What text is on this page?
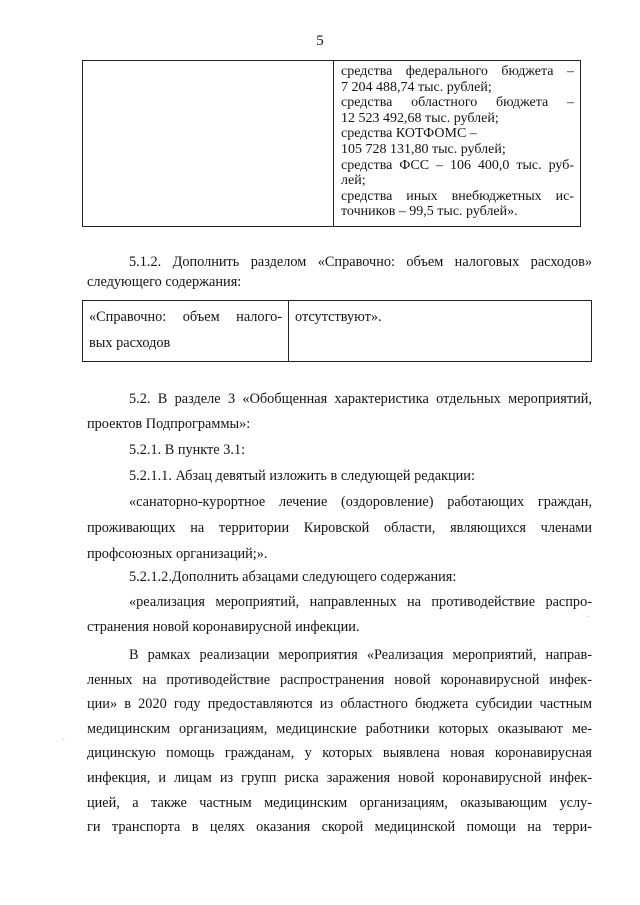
5

средства федерального бюджета –
7 204 488,74 тыс. рублей;
средства областного бюджета –
12 523 492,68 тыс. рублей;
средства КОТФОМС –
105 728 131,80 тыс. рублей;
средства ФСС – 106 400,0 тыс. руб-
лей;
средства иных внебюджетных ис-
точников – 99,5 тыс. рублей».
5.1.2. Дополнить разделом «Справочно: объем налоговых расходов»
следующего содержания:
«Справочно: объем налого-
вых расходов
	отсутствуют».
5.2. В разделе 3 «Обобщенная характеристика отдельных мероприятий,
проектов Подпрограммы»:
5.2.1. В пункте 3.1:
5.2.1.1. Абзац девятый изложить в следующей редакции:
«санаторно-курортное лечение (оздоровление) работающих граждан,
проживающих на территории Кировской области, являющихся членами
профсоюзных организаций;».
5.2.1.2.Дополнить абзацами следующего содержания:
«реализация мероприятий, направленных на противодействие распро-
странения новой коронавирусной инфекции.
В рамках реализации мероприятия «Реализация мероприятий, направ-
ленных на противодействие распространения новой коронавирусной инфек-
ции» в 2020 году предоставляются из областного бюджета субсидии частным
медицинским организациям, медицинские работники которых оказывают ме-
дицинскую помощь гражданам, у которых выявлена новая коронавирусная
инфекция, и лицам из групп риска заражения новой коронавирусной инфек-
цией, а также частным медицинским организациям, оказывающим услу-
ги транспорта в целях оказания скорой медицинской помощи на терри-
·
·
